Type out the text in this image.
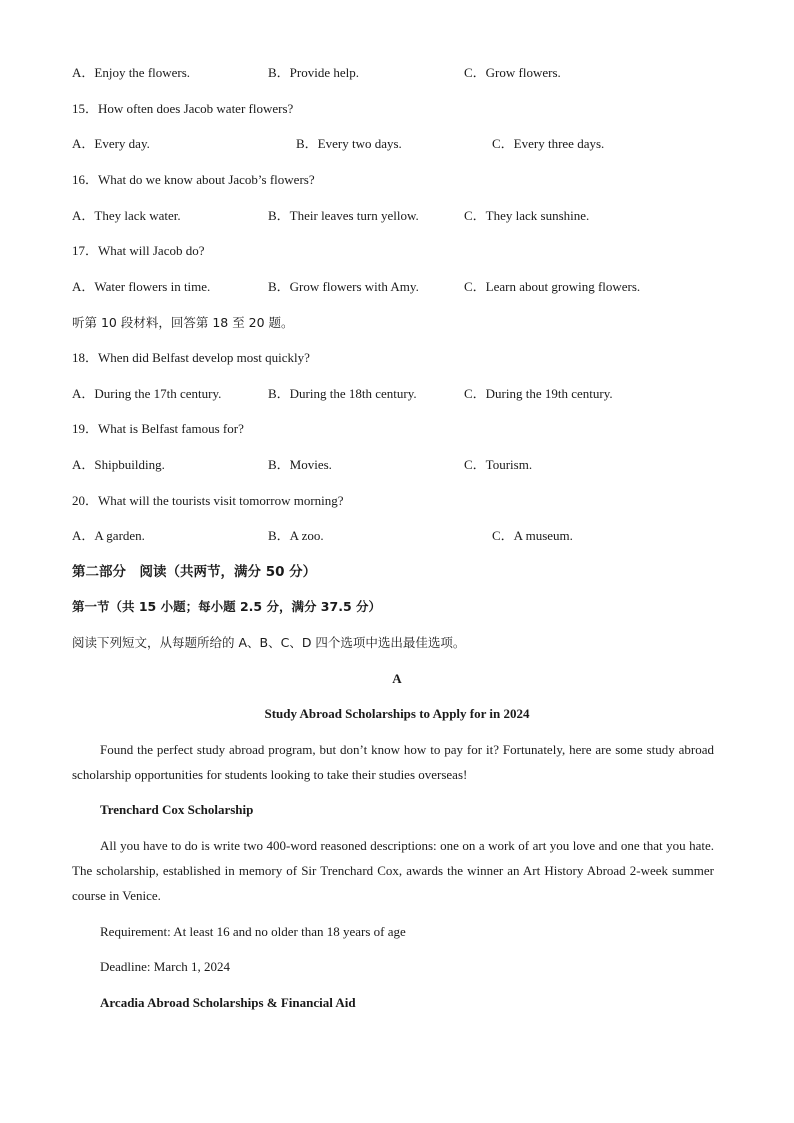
A．Enjoy the flowers.	B．Provide help.	C．Grow flowers.
15．How often does Jacob water flowers?
A．Every day.	B．Every two days.	C．Every three days.
16．What do we know about Jacob’s flowers?
A．They lack water.	B．Their leaves turn yellow.	C．They lack sunshine.
17．What will Jacob do?
A．Water flowers in time.	B．Grow flowers with Amy.	C．Learn about growing flowers.
听第 10 段材料，回答第 18 至 20 题。
18．When did Belfast develop most quickly?
A．During the 17th century.	B．During the 18th century.	C．During the 19th century.
19．What is Belfast famous for?
A．Shipbuilding.	B．Movies.	C．Tourism.
20．What will the tourists visit tomorrow morning?
A．A garden.	B．A zoo.	C．A museum.
第二部分　阅读（共两节，满分 50 分）
第一节（共 15 小题；每小题 2.5 分，满分 37.5 分）
阅读下列短文，从每题所给的 A、B、C、D 四个选项中选出最佳选项。
A
Study Abroad Scholarships to Apply for in 2024
Found the perfect study abroad program, but don’t know how to pay for it? Fortunately, here are some study abroad scholarship opportunities for students looking to take their studies overseas!
Trenchard Cox Scholarship
All you have to do is write two 400-word reasoned descriptions: one on a work of art you love and one that you hate. The scholarship, established in memory of Sir Trenchard Cox, awards the winner an Art History Abroad 2-week summer course in Venice.
Requirement: At least 16 and no older than 18 years of age
Deadline: March 1, 2024
Arcadia Abroad Scholarships & Financial Aid
